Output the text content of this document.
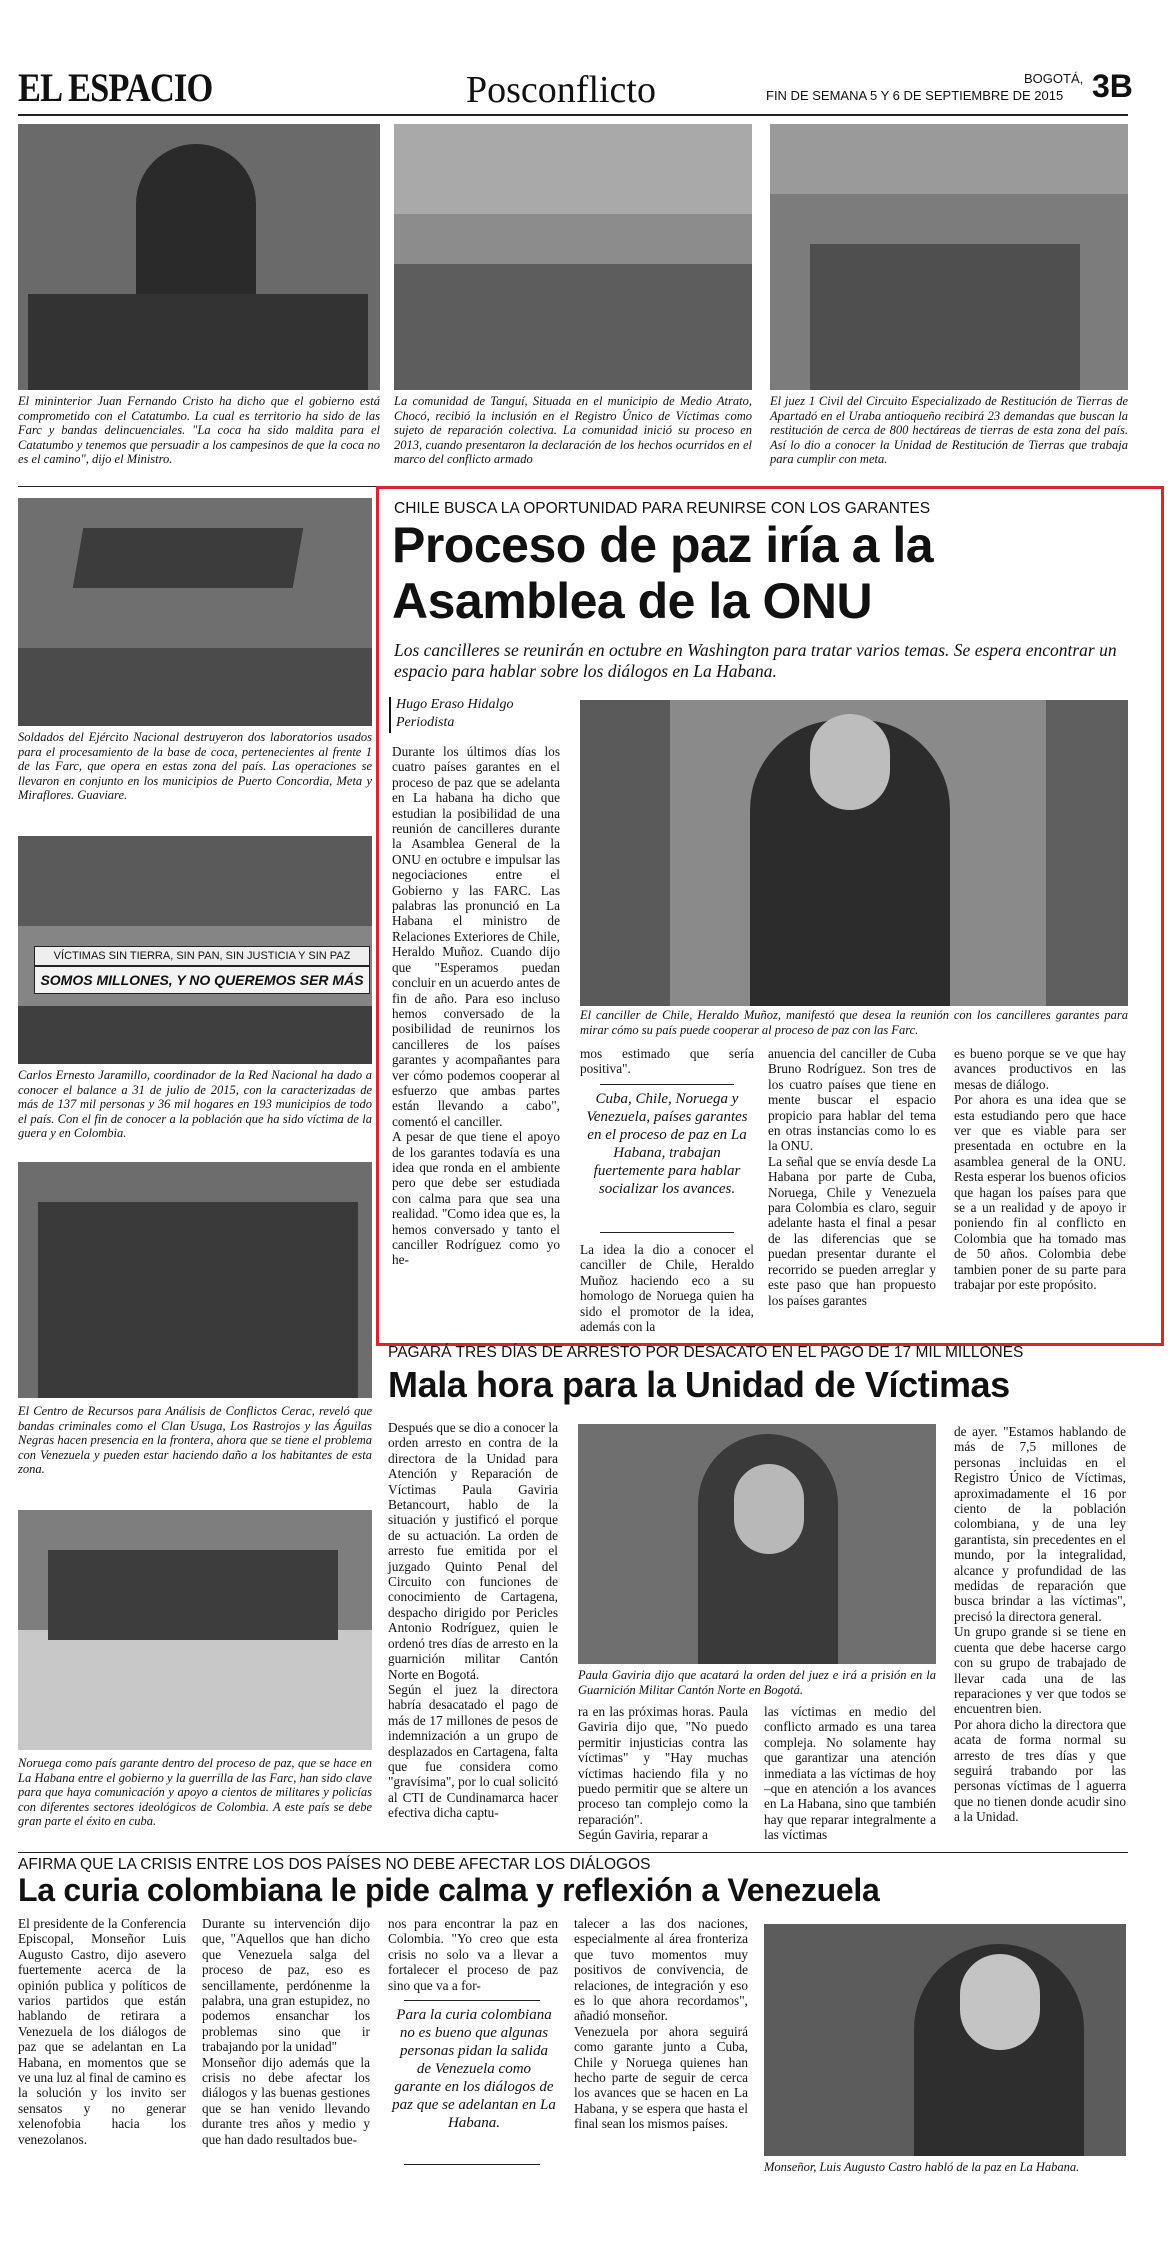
EL ESPACIO	Posconflicto	BOGOTÁ,
FIN DE SEMANA 5 Y 6 DE SEPTIEMBRE DE 2015 3B
El mininterior Juan Fernando Cristo ha dicho que el gobierno está comprometido con el Catatumbo. La cual es territorio ha sido de las Farc y bandas delincuenciales. "La coca ha sido maldita para el Catatumbo y tenemos que persuadir a los campesinos de que la coca no es el camino", dijo el Ministro.
La comunidad de Tanguí, Situada en el municipio de Medio Atrato, Chocó, recibió la inclusión en el Registro Único de Víctimas como sujeto de reparación colectiva. La comunidad inició su proceso en 2013, cuando presentaron la declaración de los hechos ocurridos en el marco del conflicto armado
El juez 1 Civil del Circuito Especializado de Restitución de Tierras de Apartadó en el Uraba antioqueño recibirá 23 demandas que buscan la restitución de cerca de 800 hectáreas de tierras de esta zona del país. Así lo dio a conocer la Unidad de Restitución de Tierras que trabaja para cumplir con meta.
Soldados del Ejército Nacional destruyeron dos laboratorios usados para el procesamiento de la base de coca, pertenecientes al frente 1 de las Farc, que opera en estas zona del país. Las operaciones se llevaron en conjunto en los municipios de Puerto Concordia, Meta y Miraflores. Guaviare.
VÍCTIMAS SIN TIERRA, SIN PAN, SIN JUSTICIA Y SIN PAZ
SOMOS MILLONES, Y NO QUEREMOS SER MÁS
Carlos Ernesto Jaramillo, coordinador de la Red Nacional ha dado a conocer el balance a 31 de julio de 2015, con la caracterizadas de más de 137 mil personas y 36 mil hogares en 193 municipios de todo el país. Con el fin de conocer a la población que ha sido víctima de la guera y en Colombia.
El Centro de Recursos para Análisis de Conflictos Cerac, reveló que bandas criminales como el Clan Usuga, Los Rastrojos y las Águilas Negras hacen presencia en la frontera, ahora que se tiene el problema con Venezuela y pueden estar haciendo daño a los habitantes de esta zona.
Noruega como país garante dentro del proceso de paz, que se hace en La Habana entre el gobierno y la guerrilla de las Farc, han sido clave para que haya comunicación y apoyo a cientos de militares y policías con diferentes sectores ideológicos de Colombia. A este país se debe gran parte el éxito en cuba.
CHILE BUSCA LA OPORTUNIDAD PARA REUNIRSE CON LOS GARANTES
Proceso de paz iría a la
Asamblea de la ONU
Los cancilleres se reunirán en octubre en Washington para tratar varios temas. Se espera encontrar un espacio para hablar sobre los diálogos en La Habana.
Hugo Eraso Hidalgo
Periodista

Durante los últimos días los cuatro países garantes en el proceso de paz que se adelanta en La habana ha dicho que estudian la posibilidad de una reunión de cancilleres durante la Asamblea General de la ONU en octubre e impulsar las negociaciones entre el Gobierno y las FARC. Las palabras las pronunció en La Habana el ministro de Relaciones Exteriores de Chile, Heraldo Muñoz. Cuando dijo que "Esperamos puedan concluir en un acuerdo antes de fin de año. Para eso incluso hemos conversado de la posibilidad de reunirnos los cancilleres de los países garantes y acompañantes para ver cómo podemos cooperar al esfuerzo que ambas partes están llevando a cabo", comentó el canciller.

A pesar de que tiene el apoyo de los garantes todavía es una idea que ronda en el ambiente pero que debe ser estudiada con calma para que sea una realidad. "Como idea que es, la hemos conversado y tanto el canciller Rodríguez como yo he-

El canciller de Chile, Heraldo Muñoz, manifestó que desea la reunión con los cancilleres garantes para mirar cómo su país puede cooperar al proceso de paz con las Farc.
mos estimado que sería positiva".
Cuba, Chile, Noruega y Venezuela, países garantes en el proceso de paz en La Habana, trabajan fuertemente para hablar socializar los avances.
La idea la dio a conocer el canciller de Chile, Heraldo Muñoz haciendo eco a su homologo de Noruega quien ha sido el promotor de la idea, además con la

anuencia del canciller de Cuba Bruno Rodríguez. Son tres de los cuatro países que tiene en mente buscar el espacio propicio para hablar del tema en otras instancias como lo es la ONU.

La señal que se envía desde La Habana por parte de Cuba, Noruega, Chile y Venezuela para Colombia es claro, seguir adelante hasta el final a pesar de las diferencias que se puedan presentar durante el recorrido se pueden arreglar y este paso que han propuesto los países garantes

es bueno porque se ve que hay avances productivos en las mesas de diálogo.

Por ahora es una idea que se esta estudiando pero que hace ver que es viable para ser presentada en octubre en la asamblea general de la ONU. Resta esperar los buenos oficios que hagan los países para que se a un realidad y de apoyo ir poniendo fin al conflicto en Colombia que ha tomado mas de 50 años. Colombia debe tambien poner de su parte para trabajar por este propósito.

PAGARÁ TRES DÍAS DE ARRESTO POR DESACATO EN EL PAGO DE 17 MIL MILLONES
Mala hora para la Unidad de Víctimas

Después que se dio a conocer la orden arresto en contra de la directora de la Unidad para Atención y Reparación de Víctimas Paula Gaviria Betancourt, hablo de la situación y justificó el porque de su actuación. La orden de arresto fue emitida por el juzgado Quinto Penal del Circuito con funciones de conocimiento de Cartagena, despacho dirigido por Pericles Antonio Rodríguez, quien le ordenó tres días de arresto en la guarnición militar Cantón Norte en Bogotá.

Según el juez la directora habría desacatado el pago de más de 17 millones de pesos de indemnización a un grupo de desplazados en Cartagena, falta que fue considera como "gravísima", por lo cual solicitó al CTI de Cundinamarca hacer efectiva dicha captu-

Paula Gaviria dijo que acatará la orden del juez e irá a prisión en la Guarnición Militar Cantón Norte en Bogotá.

ra en las próximas horas. Paula Gaviria dijo que, "No puedo permitir injusticias contra las víctimas" y "Hay muchas víctimas haciendo fila y no puedo permitir que se altere un proceso tan complejo como la reparación".

Según Gaviria, reparar a

las víctimas en medio del conflicto armado es una tarea compleja. No solamente hay que garantizar una atención inmediata a las víctimas de hoy –que en atención a los avances en La Habana, sino que también hay que reparar integralmente a las víctimas

de ayer. "Estamos hablando de más de 7,5 millones de personas incluidas en el Registro Único de Víctimas, aproximadamente el 16 por ciento de la población colombiana, y de una ley garantista, sin precedentes en el mundo, por la integralidad, alcance y profundidad de las medidas de reparación que busca brindar a las víctimas", precisó la directora general.

Un grupo grande si se tiene en cuenta que debe hacerse cargo con su grupo de trabajado de llevar cada una de las reparaciones y ver que todos se encuentren bien.

Por ahora dicho la directora que acata de forma normal su arresto de tres días y que seguirá trabando por las personas víctimas de l aguerra que no tienen donde acudir sino a la Unidad.

AFIRMA QUE LA CRISIS ENTRE LOS DOS PAÍSES NO DEBE AFECTAR LOS DIÁLOGOS
La curia colombiana le pide calma y reflexión a Venezuela
El presidente de la Conferencia Episcopal, Monseñor Luis Augusto Castro, dijo asevero fuertemente acerca de la opinión publica y políticos de varios partidos que están hablando de retirara a Venezuela de los diálogos de paz que se adelantan en La Habana, en momentos que se ve una luz al final de camino es la solución y los invito ser sensatos y no generar xelenofobia hacia los venezolanos.

Durante su intervención dijo que, "Aquellos que han dicho que Venezuela salga del proceso de paz, eso es sencillamente, perdónenme la palabra, una gran estupidez, no podemos ensanchar los problemas sino que ir trabajando por la unidad"

Monseñor dijo además que la crisis no debe afectar los diálogos y las buenas gestiones que se han venido llevando durante tres años y medio y que han dado resultados bue-

nos para encontrar la paz en Colombia. "Yo creo que esta crisis no solo va a llevar a fortalecer el proceso de paz sino que va a for-
Para la curia colombiana no es bueno que algunas personas pidan la salida de Venezuela como garante en los diálogos de paz que se adelantan en La Habana.

talecer a las dos naciones, especialmente al área fronteriza que tuvo momentos muy positivos de convivencia, de relaciones, de integración y eso es lo que ahora recordamos", añadió monseñor.

Venezuela por ahora seguirá como garante junto a Cuba, Chile y Noruega quienes han hecho parte de seguir de cerca los avances que se hacen en La Habana, y se espera que hasta el final sean los mismos países.

Monseñor, Luis Augusto Castro habló de la paz en La Habana.
